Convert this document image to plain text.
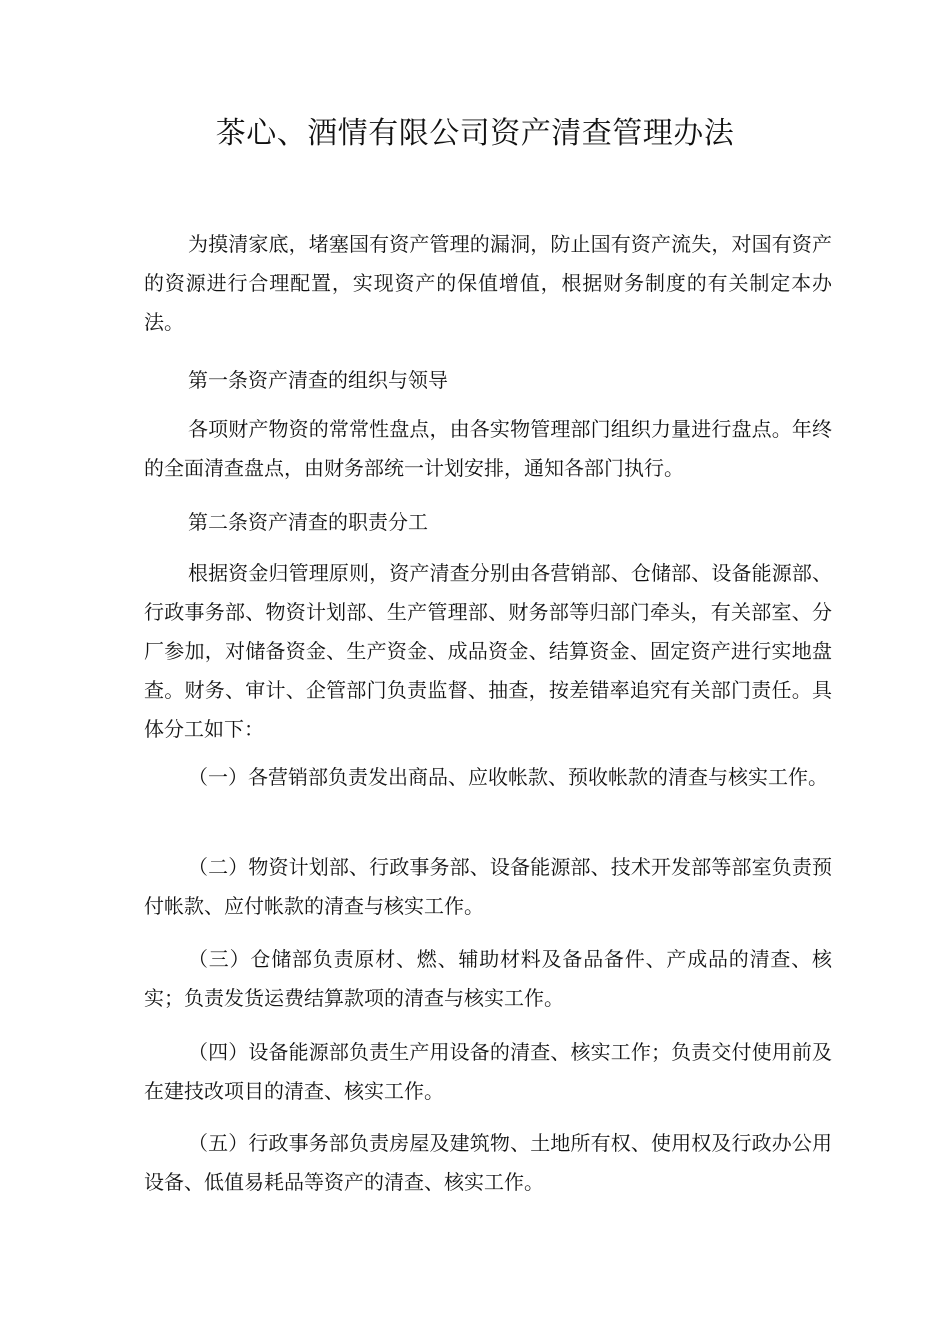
茶心、酒情有限公司资产清查管理办法

为摸清家底，堵塞国有资产管理的漏洞，防止国有资产流失，对国有资产的资源进行合理配置，实现资产的保值增值，根据财务制度的有关制定本办法。

第一条资产清查的组织与领导

各项财产物资的常常性盘点，由各实物管理部门组织力量进行盘点。年终的全面清查盘点，由财务部统一计划安排，通知各部门执行。

第二条资产清查的职责分工

根据资金归管理原则，资产清查分别由各营销部、仓储部、设备能源部、行政事务部、物资计划部、生产管理部、财务部等归部门牵头，有关部室、分厂参加，对储备资金、生产资金、成品资金、结算资金、固定资产进行实地盘查。财务、审计、企管部门负责监督、抽查，按差错率追究有关部门责任。具体分工如下：

（一）各营销部负责发出商品、应收帐款、预收帐款的清查与核实工作。

（二）物资计划部、行政事务部、设备能源部、技术开发部等部室负责预付帐款、应付帐款的清查与核实工作。

（三）仓储部负责原材、燃、辅助材料及备品备件、产成品的清查、核实；负责发货运费结算款项的清查与核实工作。

（四）设备能源部负责生产用设备的清查、核实工作；负责交付使用前及在建技改项目的清查、核实工作。

（五）行政事务部负责房屋及建筑物、土地所有权、使用权及行政办公用设备、低值易耗品等资产的清查、核实工作。
